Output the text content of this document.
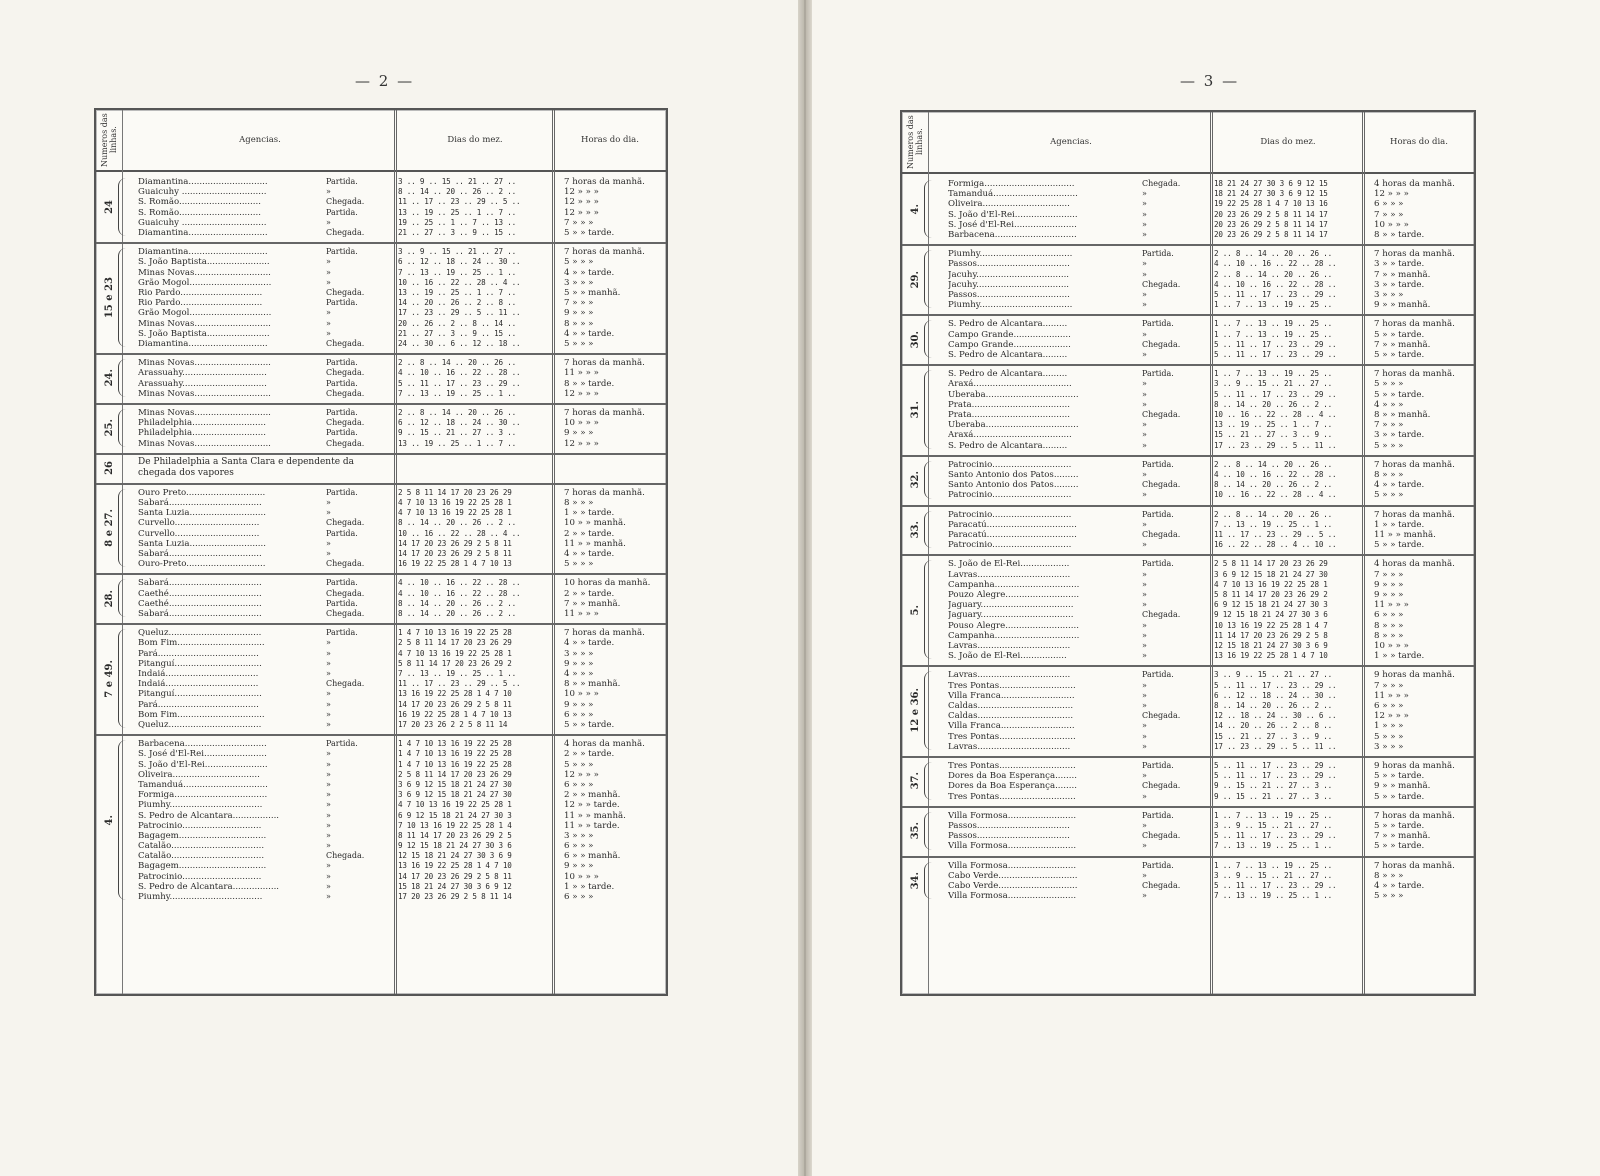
— 2 —
Numeros das linhas.	Agencias.	Dias do mez.	Horas do dia.
24
Diamantina.............................	Partida.	3 .. 9 .. 15 .. 21 .. 27 ..	7 horas da manhã.
Guaicuhy ...............................	»	8 .. 14 .. 20 .. 26 .. 2 ..	12 » » »
S. Romão..............................	Chegada.	11 .. 17 .. 23 .. 29 .. 5 ..	12 » » »
S. Romão..............................	Partida.	13 .. 19 .. 25 .. 1 .. 7 ..	12 » » »
Guaicuhy ...............................	»	19 .. 25 .. 1 .. 7 .. 13 ..	7 » » »
Diamantina.............................	Chegada.	21 .. 27 .. 3 .. 9 .. 15 ..	5 » » tarde.
15 e 23
Diamantina.............................	Partida.	3 .. 9 .. 15 .. 21 .. 27 ..	7 horas da manhã.
S. João Baptista.......................	»	6 .. 12 .. 18 .. 24 .. 30 ..	5 » » »
Minas Novas............................	»	7 .. 13 .. 19 .. 25 .. 1 ..	4 » » tarde.
Grão Mogol..............................	»	10 .. 16 .. 22 .. 28 .. 4 ..	3 » » »
Rio Pardo..............................	Chegada.	13 .. 19 .. 25 .. 1 .. 7 ..	5 » » manhã.
Rio Pardo..............................	Partida.	14 .. 20 .. 26 .. 2 .. 8 ..	7 » » »
Grão Mogol..............................	»	17 .. 23 .. 29 .. 5 .. 11 ..	9 » » »
Minas Novas............................	»	20 .. 26 .. 2 .. 8 .. 14 ..	8 » » »
S. João Baptista.......................	»	21 .. 27 .. 3 .. 9 .. 15 ..	4 » » tarde.
Diamantina.............................	Chegada.	24 .. 30 .. 6 .. 12 .. 18 ..	5 » » »
24.
Minas Novas............................	Partida.	2 .. 8 .. 14 .. 20 .. 26 ..	7 horas da manhã.
Arassuahy...............................	Chegada.	4 .. 10 .. 16 .. 22 .. 28 ..	11 » » »
Arassuahy...............................	Partida.	5 .. 11 .. 17 .. 23 .. 29 ..	8 » » tarde.
Minas Novas............................	Chegada.	7 .. 13 .. 19 .. 25 .. 1 ..	12 » » »
25.
Minas Novas............................	Partida.	2 .. 8 .. 14 .. 20 .. 26 ..	7 horas da manhã.
Philadelphia...........................	Chegada.	6 .. 12 .. 18 .. 24 .. 30 ..	10 » » »
Philadelphia...........................	Partida.	9 .. 15 .. 21 .. 27 .. 3 ..	9 » » »
Minas Novas............................	Chegada.	13 .. 19 .. 25 .. 1 .. 7 ..	12 » » »
26	De Philadelphia a Santa Clara e dependente da chegada dos vapores
8 e 27.
Ouro Preto.............................	Partida.	2 5 8 11 14 17 20 23 26 29	7 horas da manhã.
Sabará..................................	»	4 7 10 13 16 19 22 25 28 1	8 » » »
Santa Luzia............................	»	4 7 10 13 16 19 22 25 28 1	1 » » tarde.
Curvello...............................	Chegada.	8 .. 14 .. 20 .. 26 .. 2 ..	10 » » manhã.
Curvello...............................	Partida.	10 .. 16 .. 22 .. 28 .. 4 ..	2 » » tarde.
Santa Luzia............................	»	14 17 20 23 26 29 2 5 8 11	11 » » manhã.
Sabará..................................	»	14 17 20 23 26 29 2 5 8 11	4 » » tarde.
Ouro-Preto.............................	Chegada.	16 19 22 25 28 1 4 7 10 13	5 » » »
28.
Sabará..................................	Partida.	4 .. 10 .. 16 .. 22 .. 28 ..	10 horas da manhã.
Caethé..................................	Chegada.	4 .. 10 .. 16 .. 22 .. 28 ..	2 » » tarde.
Caethé..................................	Partida.	8 .. 14 .. 20 .. 26 .. 2 ..	7 » » manhã.
Sabará..................................	Chegada.	8 .. 14 .. 20 .. 26 .. 2 ..	11 » » »
7 e 49.
Queluz..................................	Partida.	1 4 7 10 13 16 19 22 25 28	7 horas da manhã.
Bom Fim................................	»	2 5 8 11 14 17 20 23 26 29	4 » » tarde.
Pará.....................................	»	4 7 10 13 16 19 22 25 28 1	3 » » »
Pitanguí................................	»	5 8 11 14 17 20 23 26 29 2	9 » » »
Indaiá..................................	»	7 .. 13 .. 19 .. 25 .. 1 ..	4 » » »
Indaiá..................................	Chegada.	11 .. 17 .. 23 .. 29 .. 5 ..	8 » » manhã.
Pitanguí................................	»	13 16 19 22 25 28 1 4 7 10	10 » » »
Pará.....................................	»	14 17 20 23 26 29 2 5 8 11	9 » » »
Bom Fim................................	»	16 19 22 25 28 1 4 7 10 13	6 » » »
Queluz..................................	»	17 20 23 26 2 2 5 8 11 14	5 » » tarde.
4.
Barbacena..............................	Partida.	1 4 7 10 13 16 19 22 25 28	4 horas da manhã.
S. José d'El-Rei.......................	»	1 4 7 10 13 16 19 22 25 28	2 » » tarde.
S. João d'El-Rei.......................	»	1 4 7 10 13 16 19 22 25 28	5 » » »
Oliveira................................	»	2 5 8 11 14 17 20 23 26 29	12 » » »
Tamanduá...............................	»	3 6 9 12 15 18 21 24 27 30	6 » » »
Formiga..................................	»	3 6 9 12 15 18 21 24 27 30	2 » » manhã.
Piumhy..................................	»	4 7 10 13 16 19 22 25 28 1	12 » » tarde.
S. Pedro de Alcantara.................	»	6 9 12 15 18 21 24 27 30 3	11 » » manhã.
Patrocinio.............................	»	7 10 13 16 19 22 25 28 1 4	11 » » tarde.
Bagagem................................	»	8 11 14 17 20 23 26 29 2 5	3 » » »
Catalão..................................	»	9 12 15 18 21 24 27 30 3 6	6 » » »
Catalão..................................	Chegada.	12 15 18 21 24 27 30 3 6 9	6 » » manhã.
Bagagem................................	»	13 16 19 22 25 28 1 4 7 10	9 » » »
Patrocinio.............................	»	14 17 20 23 26 29 2 5 8 11	10 » » »
S. Pedro de Alcantara.................	»	15 18 21 24 27 30 3 6 9 12	1 » » tarde.
Piumhy..................................	»	17 20 23 26 29 2 5 8 11 14	6 » » »
— 3 —
Numeros das linhas.	Agencias.	Dias do mez.	Horas do dia.
4.
Formiga.................................	Chegada.	18 21 24 27 30 3 6 9 12 15	4 horas da manhã.
Tamanduá...............................	»	18 21 24 27 30 3 6 9 12 15	12 » » »
Oliveira................................	»	19 22 25 28 1 4 7 10 13 16	6 » » »
S. João d'El-Rei.......................	»	20 23 26 29 2 5 8 11 14 17	7 » » »
S. José d'El-Rei.......................	»	20 23 26 29 2 5 8 11 14 17	10 » » »
Barbacena..............................	»	20 23 26 29 2 5 8 11 14 17	8 » » tarde.
29.
Piumhy..................................	Partida.	2 .. 8 .. 14 .. 20 .. 26 ..	7 horas da manhã.
Passos..................................	»	4 .. 10 .. 16 .. 22 .. 28 ..	3 » » tarde.
Jacuhy..................................	»	2 .. 8 .. 14 .. 20 .. 26 ..	7 » » manhã.
Jacuhy..................................	Chegada.	4 .. 10 .. 16 .. 22 .. 28 ..	3 » » tarde.
Passos..................................	»	5 .. 11 .. 17 .. 23 .. 29 ..	3 » » »
Piumhy..................................	»	1 .. 7 .. 13 .. 19 .. 25 ..	9 » » manhã.
30.
S. Pedro de Alcantara.........	Partida.	1 .. 7 .. 13 .. 19 .. 25 ..	7 horas da manhã.
Campo Grande.....................	»	1 .. 7 .. 13 .. 19 .. 25 ..	5 » » tarde.
Campo Grande.....................	Chegada.	5 .. 11 .. 17 .. 23 .. 29 ..	7 » » manhã.
S. Pedro de Alcantara.........	»	5 .. 11 .. 17 .. 23 .. 29 ..	5 » » tarde.
31.
S. Pedro de Alcantara.........	Partida.	1 .. 7 .. 13 .. 19 .. 25 ..	7 horas da manhã.
Araxá....................................	»	3 .. 9 .. 15 .. 21 .. 27 ..	5 » » »
Uberaba..................................	»	5 .. 11 .. 17 .. 23 .. 29 ..	5 » » tarde.
Prata....................................	»	8 .. 14 .. 20 .. 26 .. 2 ..	4 » » »
Prata....................................	Chegada.	10 .. 16 .. 22 .. 28 .. 4 ..	8 » » manhã.
Uberaba..................................	»	13 .. 19 .. 25 .. 1 .. 7 ..	7 » » »
Araxá....................................	»	15 .. 21 .. 27 .. 3 .. 9 ..	3 » » tarde.
S. Pedro de Alcantara.........	»	17 .. 23 .. 29 .. 5 .. 11 ..	5 » » »
32.
Patrocinio.............................	Partida.	2 .. 8 .. 14 .. 20 .. 26 ..	7 horas da manhã.
Santo Antonio dos Patos.........	»	4 .. 10 .. 16 .. 22 .. 28 ..	8 » » »
Santo Antonio dos Patos.........	Chegada.	8 .. 14 .. 20 .. 26 .. 2 ..	4 » » tarde.
Patrocinio.............................	»	10 .. 16 .. 22 .. 28 .. 4 ..	5 » » »
33.
Patrocinio.............................	Partida.	2 .. 8 .. 14 .. 20 .. 26 ..	7 horas da manhã.
Paracatú.................................	»	7 .. 13 .. 19 .. 25 .. 1 ..	1 » » tarde.
Paracatú.................................	Chegada.	11 .. 17 .. 23 .. 29 .. 5 ..	11 » » manhã.
Patrocinio.............................	»	16 .. 22 .. 28 .. 4 .. 10 ..	5 » » tarde.
5.
S. João de El-Rei..................	Partida.	2 5 8 11 14 17 20 23 26 29	4 horas da manhã.
Lavras..................................	»	3 6 9 12 15 18 21 24 27 30	7 » » »
Campanha...............................	»	4 7 10 13 16 19 22 25 28 1	9 » » »
Pouzo Alegre...........................	»	5 8 11 14 17 20 23 26 29 2	9 » » »
Jaguary..................................	»	6 9 12 15 18 21 24 27 30 3	11 » » »
Jaguary..................................	Chegada.	9 12 15 18 21 24 27 30 3 6	6 » » »
Pouso Alegre...........................	»	10 13 16 19 22 25 28 1 4 7	8 » » »
Campanha...............................	»	11 14 17 20 23 26 29 2 5 8	8 » » »
Lavras..................................	»	12 15 18 21 24 27 30 3 6 9	10 » » »
S. João de El-Rei.................	»	13 16 19 22 25 28 1 4 7 10	1 » » tarde.
12 e 36.
Lavras..................................	Partida.	3 .. 9 .. 15 .. 21 .. 27 ..	9 horas da manhã.
Tres Pontas............................	»	5 .. 11 .. 17 .. 23 .. 29 ..	7 » » »
Villa Franca...........................	»	6 .. 12 .. 18 .. 24 .. 30 ..	11 » » »
Caldas...................................	»	8 .. 14 .. 20 .. 26 .. 2 ..	6 » » »
Caldas...................................	Chegada.	12 .. 18 .. 24 .. 30 .. 6 ..	12 » » »
Villa Franca...........................	»	14 .. 20 .. 26 .. 2 .. 8 ..	1 » » »
Tres Pontas............................	»	15 .. 21 .. 27 .. 3 .. 9 ..	5 » » »
Lavras..................................	»	17 .. 23 .. 29 .. 5 .. 11 ..	3 » » »
37.
Tres Pontas............................	Partida.	5 .. 11 .. 17 .. 23 .. 29 ..	9 horas da manhã.
Dores da Boa Esperança........	»	5 .. 11 .. 17 .. 23 .. 29 ..	5 » » tarde.
Dores da Boa Esperança........	Chegada.	9 .. 15 .. 21 .. 27 .. 3 ..	9 » » manhã.
Tres Pontas............................	»	9 .. 15 .. 21 .. 27 .. 3 ..	5 » » tarde.
35.
Villa Formosa.........................	Partida.	1 .. 7 .. 13 .. 19 .. 25 ..	7 horas da manhã.
Passos..................................	»	3 .. 9 .. 15 .. 21 .. 27 ..	5 » » tarde.
Passos..................................	Chegada.	5 .. 11 .. 17 .. 23 .. 29 ..	7 » » manhã.
Villa Formosa.........................	»	7 .. 13 .. 19 .. 25 .. 1 ..	5 » » tarde.
34.
Villa Formosa.........................	Partida.	1 .. 7 .. 13 .. 19 .. 25 ..	7 horas da manhã.
Cabo Verde.............................	»	3 .. 9 .. 15 .. 21 .. 27 ..	8 » » »
Cabo Verde.............................	Chegada.	5 .. 11 .. 17 .. 23 .. 29 ..	4 » » tarde.
Villa Formosa.........................	»	7 .. 13 .. 19 .. 25 .. 1 ..	5 » » »
